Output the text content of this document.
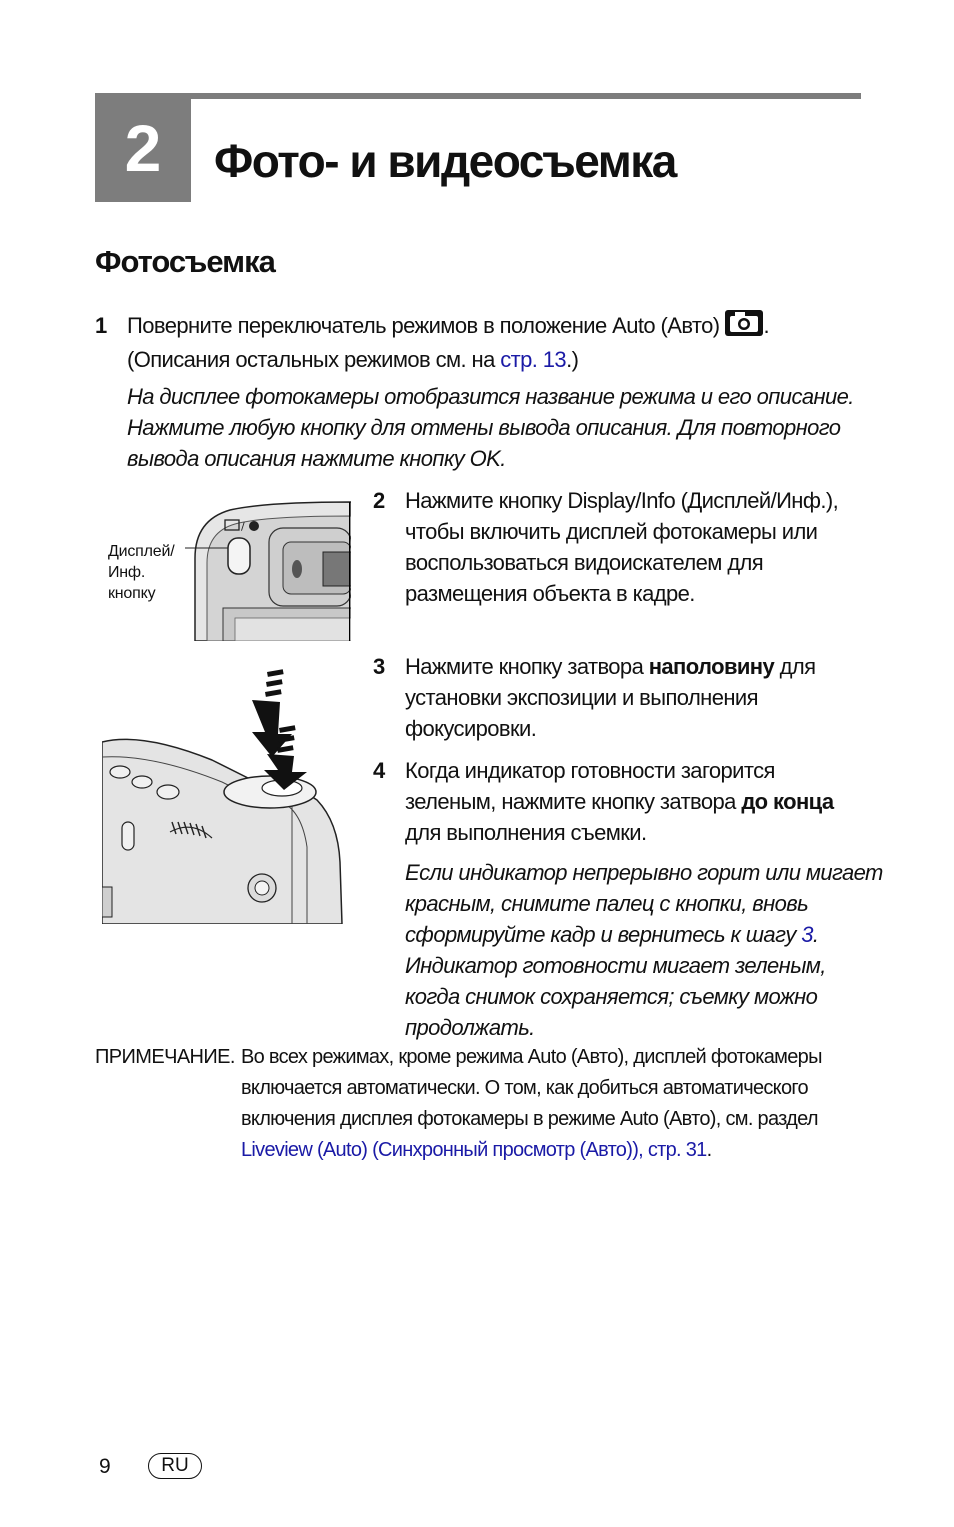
2	Фото- и видеосъемка
Фотосъемка
1 Поверните переключатель режимов в положение Auto (Авто) .
(Описания остальных режимов см. на стр. 13.)
На дисплее фотокамеры отобразится название режима и его описание.
Нажмите любую кнопку для отмены вывода описания. Для повторного
вывода описания нажмите кнопку OK.
Дисплей/
Инф.
кнопку
/
2 Нажмите кнопку Display/Info (Дисплей/Инф.),
чтобы включить дисплей фотокамеры или
воспользоваться видоискателем для
размещения объекта в кадре.
3 Нажмите кнопку затвора наполовину для
установки экспозиции и выполнения
фокусировки.
4 Когда индикатор готовности загорится
зеленым, нажмите кнопку затвора до конца
для выполнения съемки.
Если индикатор непрерывно горит или мигает
красным, снимите палец с кнопки, вновь
сформируйте кадр и вернитесь к шагу 3.
Индикатор готовности мигает зеленым,
когда снимок сохраняется; съемку можно
продолжать.
ПРИМЕЧАНИЕ. Во всех режимах, кроме режима Auto (Авто), дисплей фотокамеры
включается автоматически. О том, как добиться автоматического
включения дисплея фотокамеры в режиме Auto (Авто), см. раздел
Liveview (Auto) (Синхронный просмотр (Авто)), стр. 31.
9	RU
